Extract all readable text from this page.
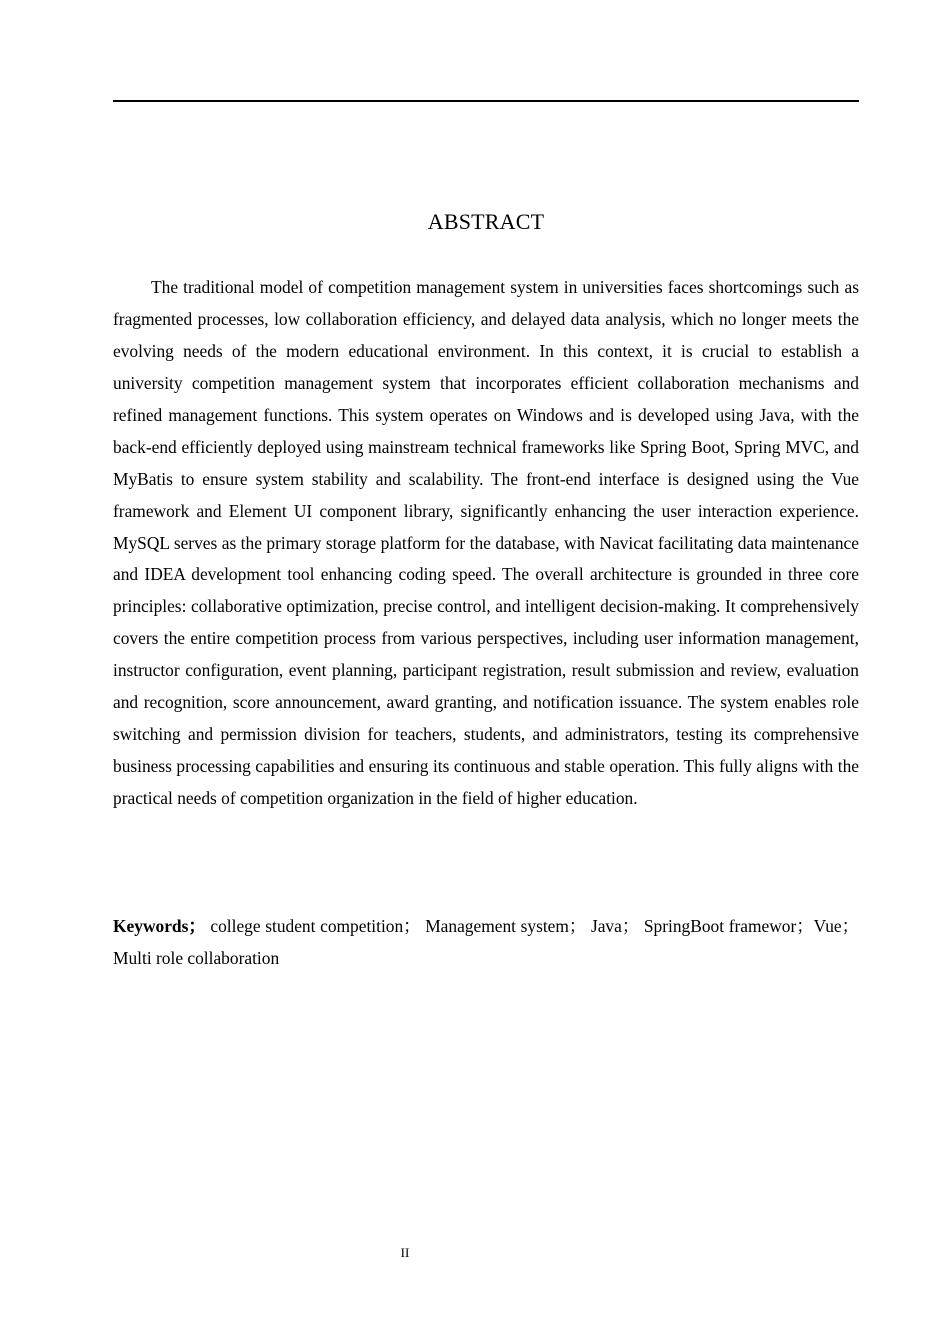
ABSTRACT

The traditional model of competition management system in universities faces shortcomings such as fragmented processes, low collaboration efficiency, and delayed data analysis, which no longer meets the evolving needs of the modern educational environment. In this context, it is crucial to establish a university competition management system that incorporates efficient collaboration mechanisms and refined management functions. This system operates on Windows and is developed using Java, with the back-end efficiently deployed using mainstream technical frameworks like Spring Boot, Spring MVC, and MyBatis to ensure system stability and scalability. The front-end interface is designed using the Vue framework and Element UI component library, significantly enhancing the user interaction experience. MySQL serves as the primary storage platform for the database, with Navicat facilitating data maintenance and IDEA development tool enhancing coding speed. The overall architecture is grounded in three core principles: collaborative optimization, precise control, and intelligent decision-making. It comprehensively covers the entire competition process from various perspectives, including user information management, instructor configuration, event planning, participant registration, result submission and review, evaluation and recognition, score announcement, award granting, and notification issuance. The system enables role switching and permission division for teachers, students, and administrators, testing its comprehensive business processing capabilities and ensuring its continuous and stable operation. This fully aligns with the practical needs of competition organization in the field of higher education.

Keywords； college student competition； Management system； Java； SpringBoot framewor；Vue；Multi role collaboration

II
